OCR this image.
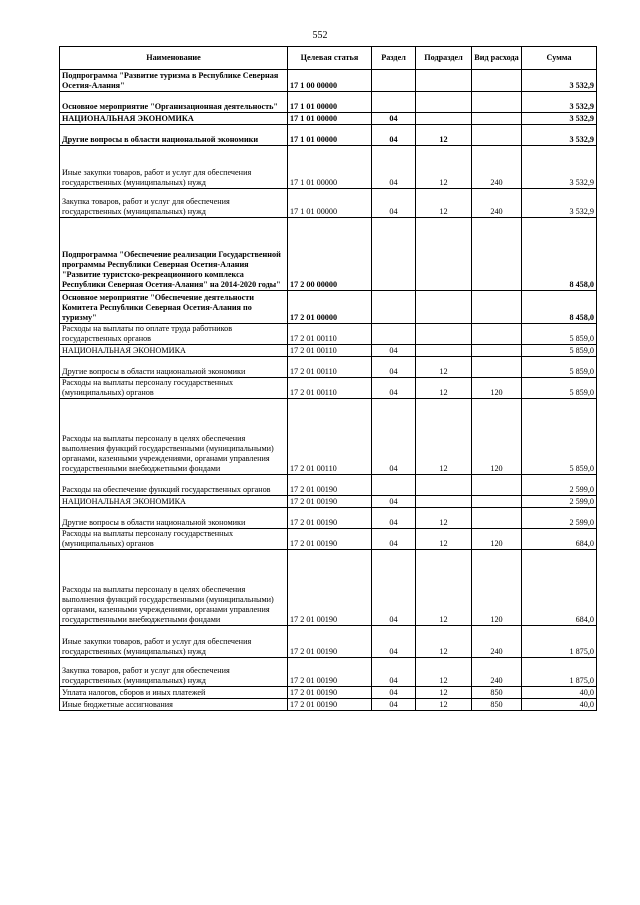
552
Наименование	Целевая статья	Раздел	Подраздел	Вид расхода	Сумма
Подпрограмма "Развитие туризма в Республике Северная Осетия-Алания"	17 1 00 00000				3 532,9
Основное мероприятие "Организационная деятельность"	17 1 01 00000				3 532,9
НАЦИОНАЛЬНАЯ ЭКОНОМИКА	17 1 01 00000	04			3 532,9
Другие вопросы в области национальной экономики	17 1 01 00000	04	12		3 532,9
Иные закупки товаров, работ и услуг для обеспечения государственных (муниципальных) нужд	17 1 01 00000	04	12	240	3 532,9
Закупка товаров, работ и услуг для обеспечения государственных (муниципальных) нужд	17 1 01 00000	04	12	240	3 532,9
Подпрограмма "Обеспечение реализации Государственной программы Республики Северная Осетия-Алания "Развитие туристско-рекреационного комплекса Республики Северная Осетия-Алания" на 2014-2020 годы"	17 2 00 00000				8 458,0
Основное мероприятие "Обеспечение деятельности Комитета Республики Северная Осетия-Алания по туризму"	17 2 01 00000				8 458,0
Расходы на выплаты по оплате труда работников государственных органов	17 2 01 00110				5 859,0
НАЦИОНАЛЬНАЯ ЭКОНОМИКА	17 2 01 00110	04			5 859,0
Другие вопросы в области национальной экономики	17 2 01 00110	04	12		5 859,0
Расходы на выплаты персоналу государственных (муниципальных) органов	17 2 01 00110	04	12	120	5 859,0
Расходы на выплаты персоналу в целях обеспечения выполнения функций государственными (муниципальными) органами, казенными учреждениями, органами управления государственными внебюджетными фондами	17 2 01 00110	04	12	120	5 859,0
Расходы на обеспечение функций государственных органов	17 2 01 00190				2 599,0
НАЦИОНАЛЬНАЯ ЭКОНОМИКА	17 2 01 00190	04			2 599,0
Другие вопросы в области национальной экономики	17 2 01 00190	04	12		2 599,0
Расходы на выплаты персоналу государственных (муниципальных) органов	17 2 01 00190	04	12	120	684,0
Расходы на выплаты персоналу в целях обеспечения выполнения функций государственными (муниципальными) органами, казенными учреждениями, органами управления государственными внебюджетными фондами	17 2 01 00190	04	12	120	684,0
Иные закупки товаров, работ и услуг для обеспечения государственных (муниципальных) нужд	17 2 01 00190	04	12	240	1 875,0
Закупка товаров, работ и услуг для обеспечения государственных (муниципальных) нужд	17 2 01 00190	04	12	240	1 875,0
Уплата налогов, сборов и иных платежей	17 2 01 00190	04	12	850	40,0
Иные бюджетные ассигнования	17 2 01 00190	04	12	850	40,0
